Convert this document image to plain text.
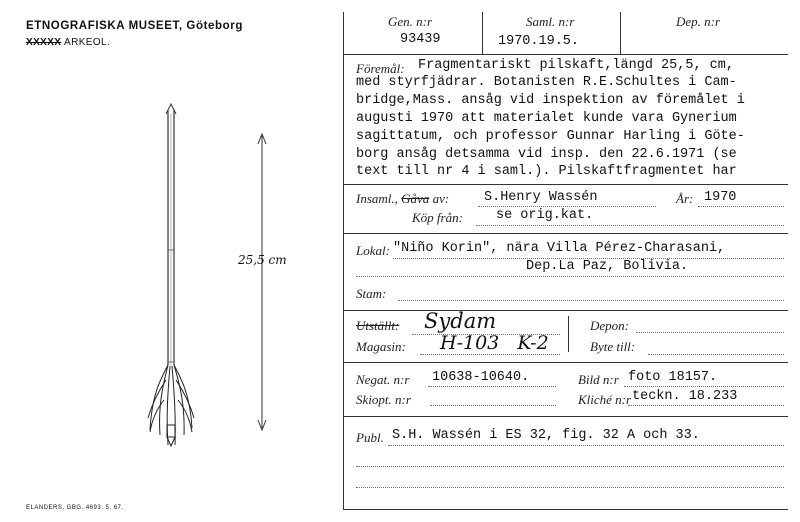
ETNOGRAFISKA MUSEET, Göteborg
XXXXX ARKEOL.
25,5 cm
ELANDERS, GBG. 4693. 5. 67.
Gen. n:r
93439
Saml. n:r
1970.19.5.
Dep. n:r
Föremål: Fragmentariskt pilskaft,längd 25,5, cm,
med styrfjädrar. Botanisten R.E.Schultes i Cam-
bridge,Mass. ansåg vid inspektion av föremålet i
augusti 1970 att materialet kunde vara Gynerium
sagittatum, och professor Gunnar Harling i Göte-
borg ansåg detsamma vid insp. den 22.6.1971 (se
text till nr 4 i saml.). Pilskaftfragmentet har
Insaml., Gåva av:	S.Henry Wassén	År: 1970
Köp från: se orig.kat.
Lokal: "Niño Korin", nära Villa Pérez-Charasani,
Dep.La Paz, Bolivia.
Stam:
Utställt: Sydam	Depon:
Magasin: H-103   K-2	Byte till:
Negat. n:r 10638-10640.	Bild n:r foto 18157.
Skiopt. n:r	Kliché n:r teckn. 18.233
Publ. S.H. Wassén i ES 32, fig. 32 A och 33.
